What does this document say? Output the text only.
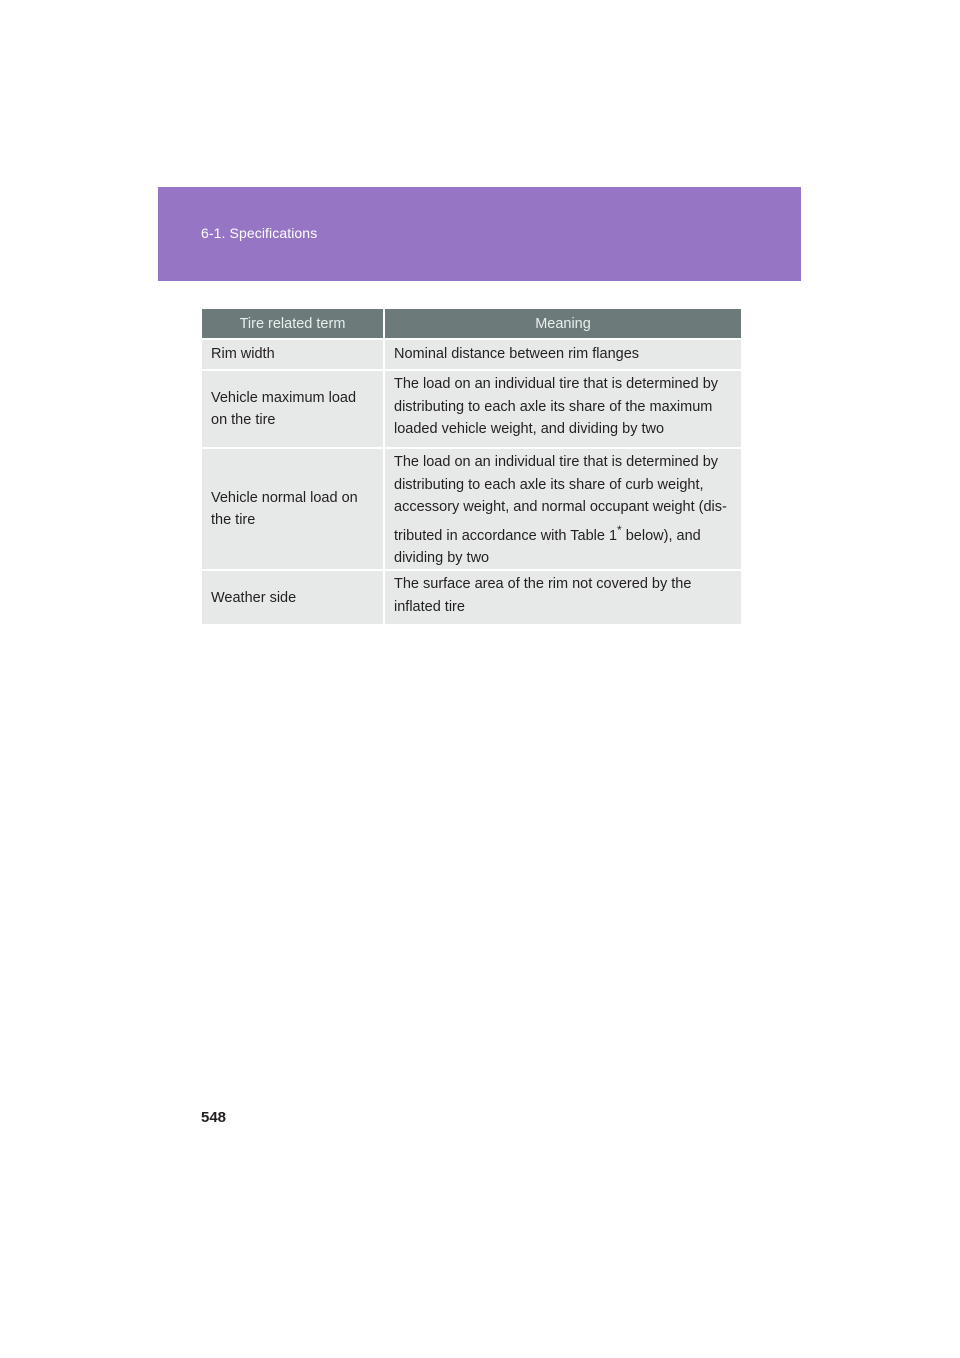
6-1. Specifications
Tire related term	Meaning
Rim width	Nominal distance between rim flanges
Vehicle maximum load on the tire	The load on an individual tire that is determined by distributing to each axle its share of the maximum loaded vehicle weight, and dividing by two
Vehicle normal load on the tire	The load on an individual tire that is determined by distributing to each axle its share of curb weight, accessory weight, and normal occupant weight (dis-tributed in accordance with Table 1* below), and dividing by two
Weather side	The surface area of the rim not covered by the inflated tire
548
